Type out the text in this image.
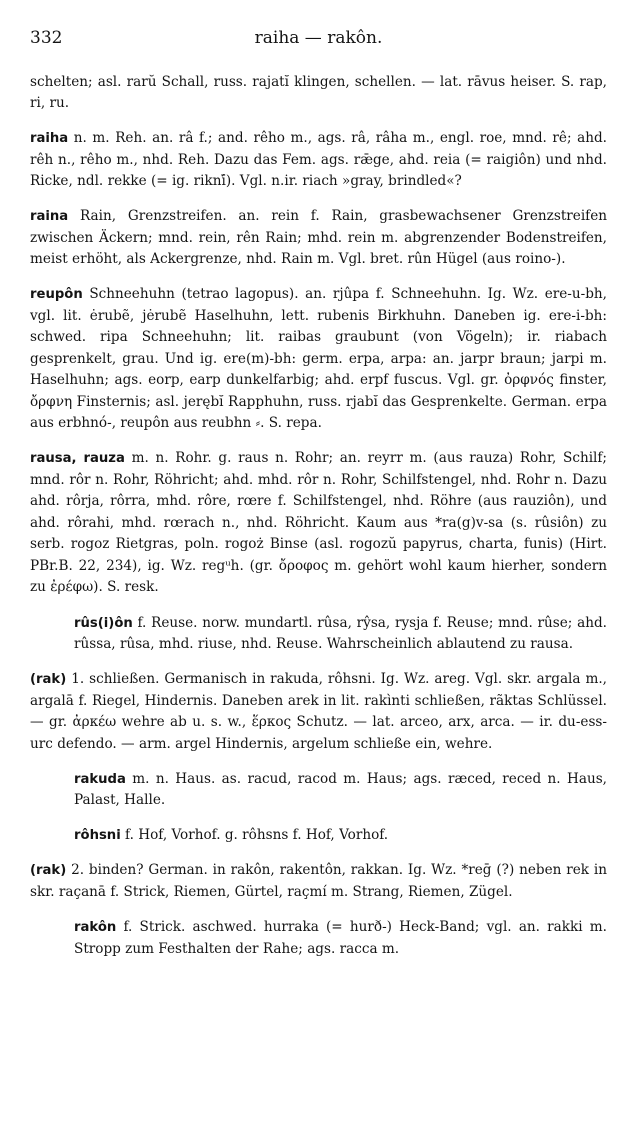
332	raiha — rakôn.

schelten; asl. rarŭ Schall, russ. rajatĭ klingen, schellen. — lat. rāvus heiser. S. rap, ri, ru.

raiha n. m. Reh. an. râ f.; and. rêho m., ags. râ, râha m., engl. roe, mnd. rê; ahd. rêh n., rêho m., nhd. Reh. Dazu das Fem. ags. rǣge, ahd. reia (= raigiôn) und nhd. Ricke, ndl. rekke (= ig. riknī́). Vgl. n.ir. riach »gray, brindled«?

raina Rain, Grenzstreifen. an. rein f. Rain, grasbewachsener Grenzstreifen zwischen Äckern; mnd. rein, rên Rain; mhd. rein m. abgrenzender Bodenstreifen, meist erhöht, als Ackergrenze, nhd. Rain m. Vgl. bret. rûn Hügel (aus roino-).

reupôn Schneehuhn (tetrao lagopus). an. rjûpa f. Schneehuhn. Ig. Wz. ere-u-bh, vgl. lit. ėrubẽ, jėrubẽ Haselhuhn, lett. rubenis Birkhuhn. Daneben ig. ere-i-bh: schwed. ripa Schneehuhn; lit. raibas graubunt (von Vögeln); ir. riabach gesprenkelt, grau. Und ig. ere(m)-bh: germ. erpa, arpa: an. jarpr braun; jarpi m. Haselhuhn; ags. eorp, earp dunkelfarbig; ahd. erpf fuscus. Vgl. gr. ὀρφνός finster, ὄρφνη Finsternis; asl. jerębĭ Rapphuhn, russ. rjabĭ das Gesprenkelte. German. erpa aus erbhnó-, reupôn aus reubhn ⸗. S. repa.

rausa, rauza m. n. Rohr. g. raus n. Rohr; an. reyrr m. (aus rauza) Rohr, Schilf; mnd. rôr n. Rohr, Röhricht; ahd. mhd. rôr n. Rohr, Schilfstengel, nhd. Rohr n. Dazu ahd. rôrja, rôrra, mhd. rôre, rœre f. Schilfstengel, nhd. Röhre (aus rauziôn), und ahd. rôrahi, mhd. rœrach n., nhd. Röhricht. Kaum aus *ra(g)v-sa (s. rûsiôn) zu serb. rogoz Rietgras, poln. rogoż Binse (asl. rogozŭ papyrus, charta, funis) (Hirt. PBr.B. 22, 234), ig. Wz. regᵘh. (gr. ὄροφος m. gehört wohl kaum hierher, sondern zu ἐρέφω). S. resk.

rûs(i)ôn f. Reuse. norw. mundartl. rûsa, rŷsa, rysja f. Reuse; mnd. rûse; ahd. rûssa, rûsa, mhd. riuse, nhd. Reuse. Wahrscheinlich ablautend zu rausa.

(rak) 1. schließen. Germanisch in rakuda, rôhsni. Ig. Wz. areg. Vgl. skr. argala m., argalā f. Riegel, Hindernis. Daneben arek in lit. rakìnti schließen, rãktas Schlüssel. — gr. ἀρκέω wehre ab u. s. w., ἕρκος Schutz. — lat. arceo, arx, arca. — ir. du-ess-urc defendo. — arm. argel Hindernis, argelum schließe ein, wehre.

rakuda m. n. Haus. as. racud, racod m. Haus; ags. ræced, reced n. Haus, Palast, Halle.

rôhsni f. Hof, Vorhof. g. rôhsns f. Hof, Vorhof.

(rak) 2. binden? German. in rakôn, rakentôn, rakkan. Ig. Wz. *reḡ (?) neben rek in skr. raçanā f. Strick, Riemen, Gürtel, raçmí m. Strang, Riemen, Zügel.

rakôn f. Strick. aschwed. hurraka (= hurð-) Heck-Band; vgl. an. rakki m. Stropp zum Festhalten der Rahe; ags. racca m.
